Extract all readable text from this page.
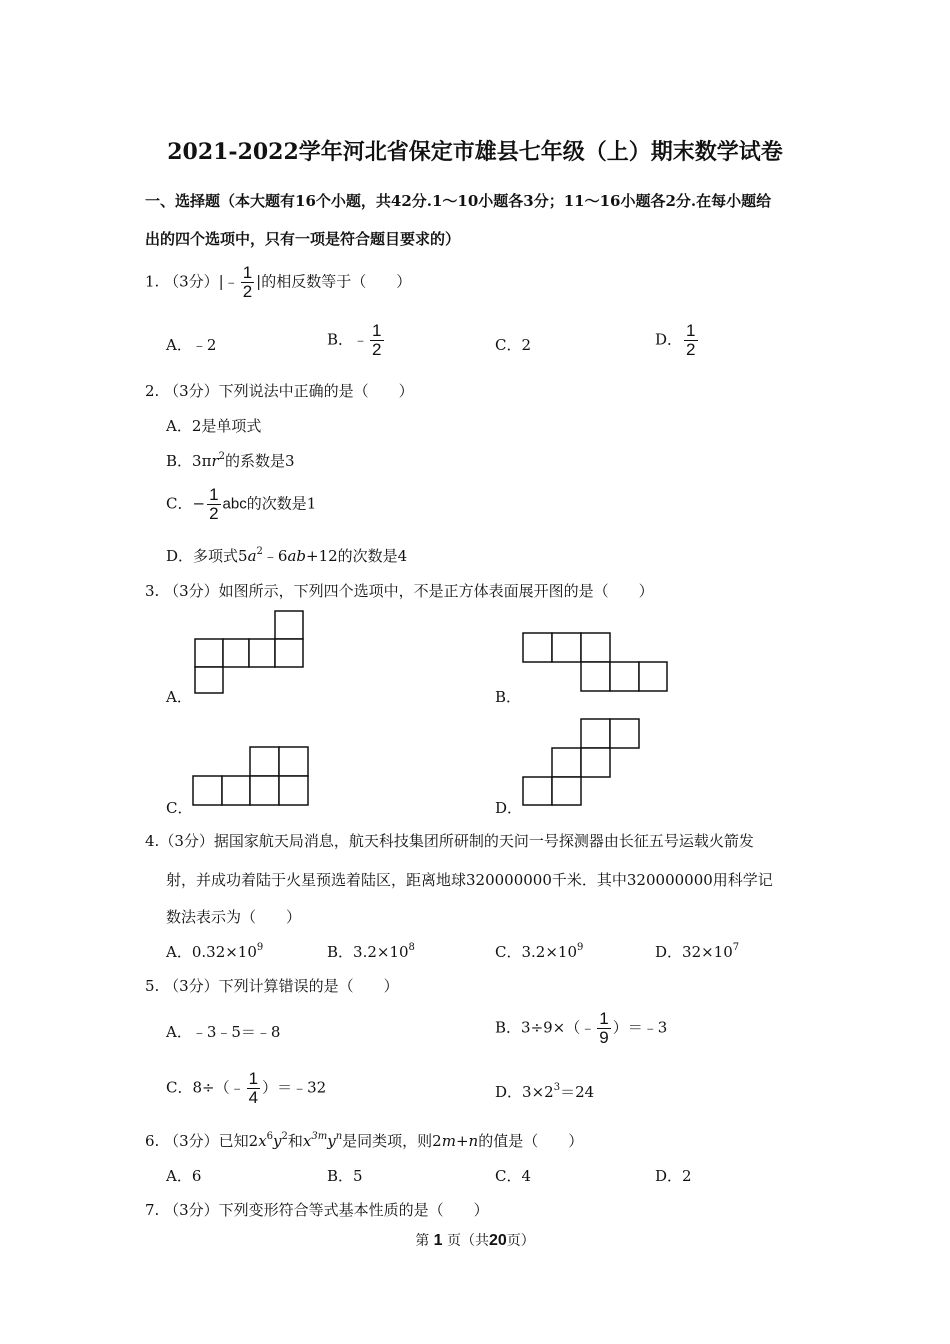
2021-2022学年河北省保定市雄县七年级（上）期末数学试卷
一、选择题（本大题有16个小题，共42分.1～10小题各3分；11～16小题各2分.在每小题给
出的四个选项中，只有一项是符合题目要求的）
1. （3分）|﹣ $\frac{1}{2}$ |的相反数等于（　　）
A．﹣2	B．﹣ $\frac{1}{2}$	C．2	D． $\frac{1}{2}$
2. （3分）下列说法中正确的是（　　）
A．2是单项式
B．$3\pi r^2$的系数是3
C．− $\frac{1}{2}$ abc的次数是1
D．多项式$5a^2﹣6ab+12$的次数是4
3. （3分）如图所示，下列四个选项中，不是正方体表面展开图的是（　　）
A．	B．
C．	D．
4.（3分）据国家航天局消息，航天科技集团所研制的天问一号探测器由长征五号运载火箭发
射，并成功着陆于火星预选着陆区，距离地球320000000千米．其中320000000用科学记
数法表示为（　　）
A．$0.32\times 10^9$	B．$3.2\times 10^8$	C．$3.2\times 10^9$	D．$32\times 10^7$
5. （3分）下列计算错误的是（　　）
A．﹣3﹣5＝﹣8	B．3÷9×（﹣ $\frac{1}{9}$ ）＝﹣3
C．8÷（﹣ $\frac{1}{4}$ ）＝﹣32	D．$3\times 2^3=24$
6. （3分）已知$2x^6y^2$和$x^{3m}y^n$是同类项，则2m+n的值是（　　）
A．6	B．5	C．4	D．2
7. （3分）下列变形符合等式基本性质的是（　　）
第 1 页（共20页）
